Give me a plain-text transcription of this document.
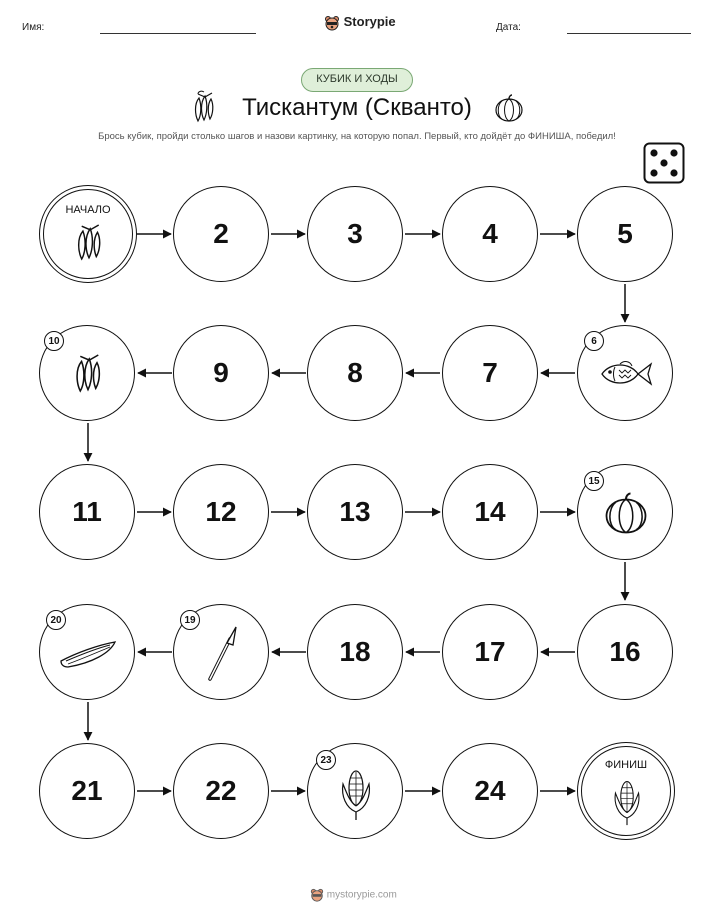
Имя:	Storypie	Дата:
КУБИК И ХОДЫ
Тискантум (Скванто)
Брось кубик, пройди столько шагов и назови картинку, на которую попал. Первый, кто дойдёт до ФИНИША, победил!
НАЧАЛО
2	3	4	5
10
9	8	7
6
11	12	13	14
15
20	19
18	17	16
21	22
23
24
ФИНИШ
mystorypie.com
